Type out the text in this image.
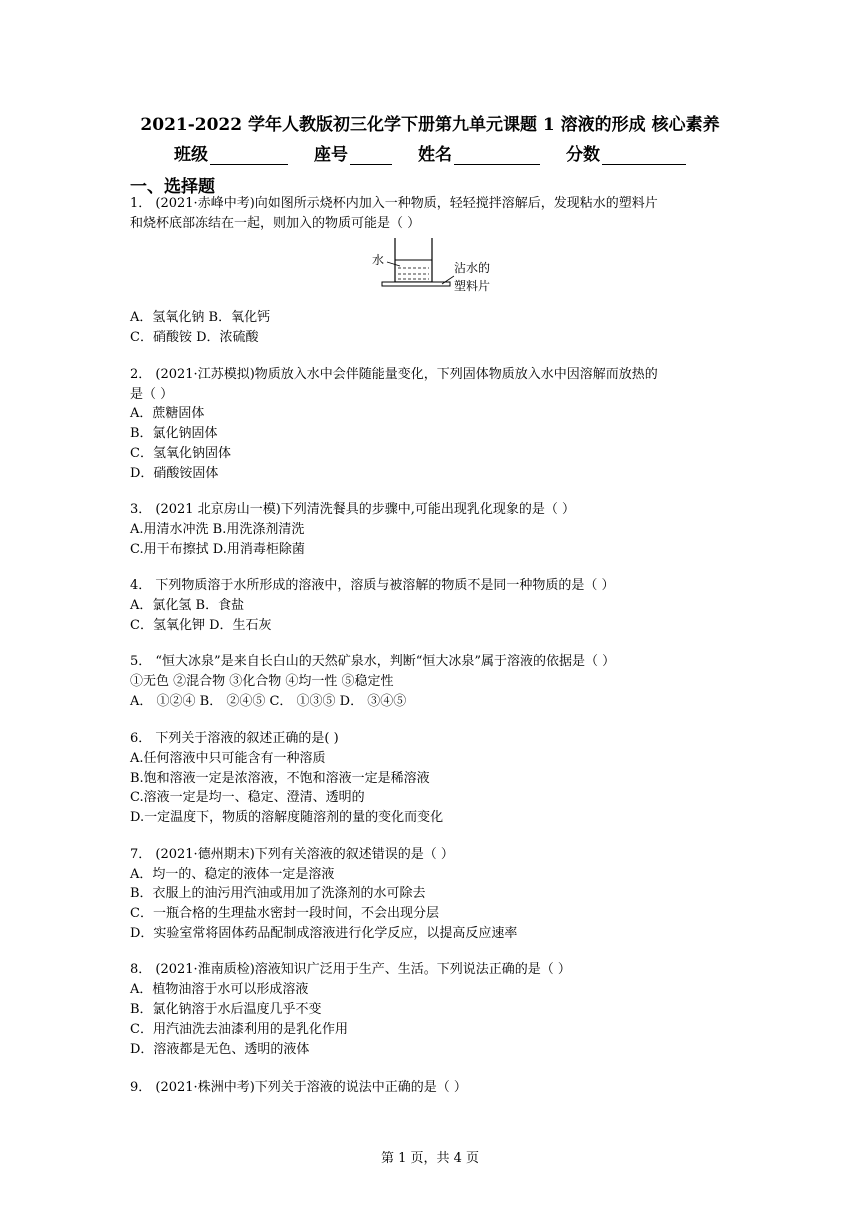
2021-2022 学年人教版初三化学下册第九单元课题 1 溶液的形成 核心素养
班级	座号	姓名	分数
一、选择题
1． (2021·赤峰中考)向如图所示烧杯内加入一种物质，轻轻搅拌溶解后，发现粘水的塑料片
和烧杯底部冻结在一起，则加入的物质可能是（ ）
水
沾水的
塑料片
A．氢氧化钠 B．氧化钙
C．硝酸铵 D．浓硫酸
2． (2021·江苏模拟)物质放入水中会伴随能量变化，下列固体物质放入水中因溶解而放热的
是（ ）
A．蔗糖固体
B．氯化钠固体
C．氢氧化钠固体
D．硝酸铵固体
3． (2021 北京房山一模)下列清洗餐具的步骤中,可能出现乳化现象的是（ ）
A.用清水冲洗 B.用洗涤剂清洗
C.用干布擦拭 D.用消毒柜除菌
4． 下列物质溶于水所形成的溶液中，溶质与被溶解的物质不是同一种物质的是（ ）
A．氯化氢 B．食盐
C．氢氧化钾 D．生石灰
5． “恒大冰泉”是来自长白山的天然矿泉水，判断“恒大冰泉”属于溶液的依据是（ ）
①无色 ②混合物 ③化合物 ④均一性 ⑤稳定性
A． ①②④ B． ②④⑤ C． ①③⑤ D． ③④⑤
6． 下列关于溶液的叙述正确的是( )
A.任何溶液中只可能含有一种溶质
B.饱和溶液一定是浓溶液，不饱和溶液一定是稀溶液
C.溶液一定是均一、稳定、澄清、透明的
D.一定温度下，物质的溶解度随溶剂的量的变化而变化
7． (2021·德州期末)下列有关溶液的叙述错误的是（ ）
A．均一的、稳定的液体一定是溶液
B．衣服上的油污用汽油或用加了洗涤剂的水可除去
C．一瓶合格的生理盐水密封一段时间，不会出现分层
D．实验室常将固体药品配制成溶液进行化学反应，以提高反应速率
8． (2021·淮南质检)溶液知识广泛用于生产、生活。下列说法正确的是（ ）
A．植物油溶于水可以形成溶液
B．氯化钠溶于水后温度几乎不变
C．用汽油洗去油漆利用的是乳化作用
D．溶液都是无色、透明的液体
9． (2021·株洲中考)下列关于溶液的说法中正确的是（ ）
第 1 页，共 4 页
